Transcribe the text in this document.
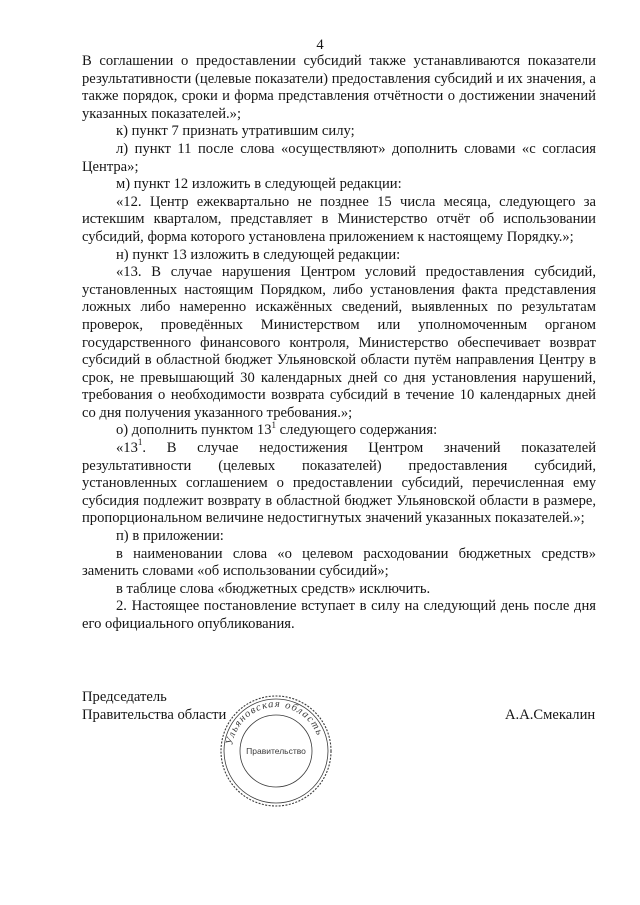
4

В соглашении о предоставлении субсидий также устанавливаются показатели результативности (целевые показатели) предоставления субсидий и их значения, а также порядок, сроки и форма представления отчётности о достижении значений указанных показателей.»;

к) пункт 7 признать утратившим силу;

л) пункт 11 после слова «осуществляют» дополнить словами «с согласия Центра»;

м) пункт 12 изложить в следующей редакции:

«12. Центр ежеквартально не позднее 15 числа месяца, следующего за истекшим кварталом, представляет в Министерство отчёт об использовании субсидий, форма которого установлена приложением к настоящему Порядку.»;

н) пункт 13 изложить в следующей редакции:

«13. В случае нарушения Центром условий предоставления субсидий, установленных настоящим Порядком, либо установления факта представления ложных либо намеренно искажённых сведений, выявленных по результатам проверок, проведённых Министерством или уполномоченным органом государственного финансового контроля, Министерство обеспечивает возврат субсидий в областной бюджет Ульяновской области путём направления Центру в срок, не превышающий 30 календарных дней со дня установления нарушений, требования о необходимости возврата субсидий в течение 10 календарных дней со дня получения указанного требования.»;

о) дополнить пунктом $13^1$ следующего содержания:

«$13^1$. В случае недостижения Центром значений показателей результативности (целевых показателей) предоставления субсидий, установленных соглашением о предоставлении субсидий, перечисленная ему субсидия подлежит возврату в областной бюджет Ульяновской области в размере, пропорциональном величине недостигнутых значений указанных показателей.»;

п) в приложении:

в наименовании слова «о целевом расходовании бюджетных средств» заменить словами «об использовании субсидий»;

в таблице слова «бюджетных средств» исключить.

2. Настоящее постановление вступает в силу на следующий день после дня его официального опубликования.

Председатель
Правительства области
Ульяновская область
Правительство
А.А.Смекалин
